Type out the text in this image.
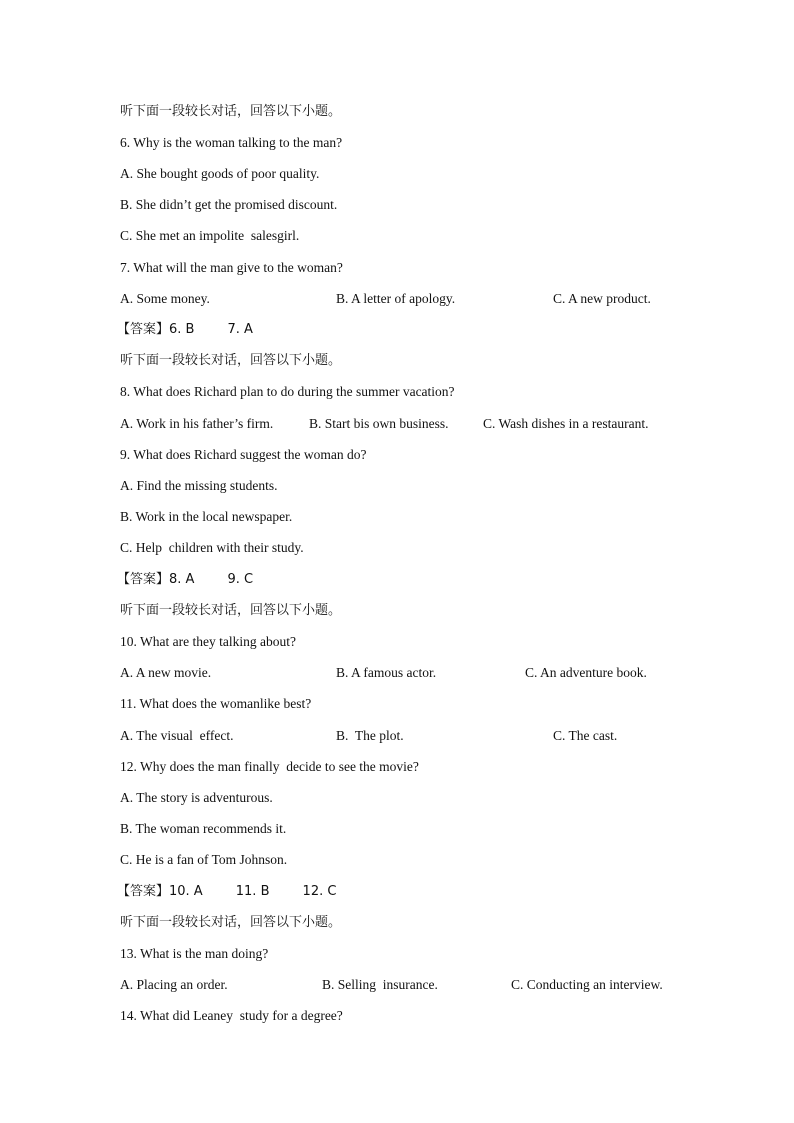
听下面一段较长对话，回答以下小题。
6. Why is the woman talking to the man?
A. She bought goods of poor quality.
B. She didn’t get the promised discount.
C. She met an impolite  salesgirl.
7. What will the man give to the woman?
A. Some money.	B. A letter of apology.	C. A new product.
【答案】6. B        7. A
听下面一段较长对话，回答以下小题。
8. What does Richard plan to do during the summer vacation?
A. Work in his father’s firm.	B. Start bis own business.	C. Wash dishes in a restaurant.
9. What does Richard suggest the woman do?
A. Find the missing students.
B. Work in the local newspaper.
C. Help  children with their study.
【答案】8. A        9. C
听下面一段较长对话，回答以下小题。
10. What are they talking about?
A. A new movie.	B. A famous actor.	C. An adventure book.
11. What does the womanlike best?
A. The visual  effect.	B.  The plot.	C. The cast.
12. Why does the man finally  decide to see the movie?
A. The story is adventurous.
B. The woman recommends it.
C. He is a fan of Tom Johnson.
【答案】10. A        11. B        12. C
听下面一段较长对话，回答以下小题。
13. What is the man doing?
A. Placing an order.	B. Selling  insurance.	C. Conducting an interview.
14. What did Leaney  study for a degree?
